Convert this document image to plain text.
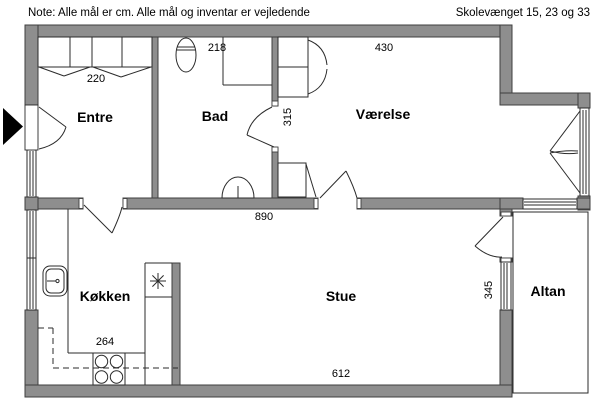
Note: Alle mål er cm. Alle mål og inventar er vejledende	Skolevænget 15, 23 og 33
Entre	Bad	Værelse
Køkken	Stue	Altan
220
218	430
315
890
264
345
612
